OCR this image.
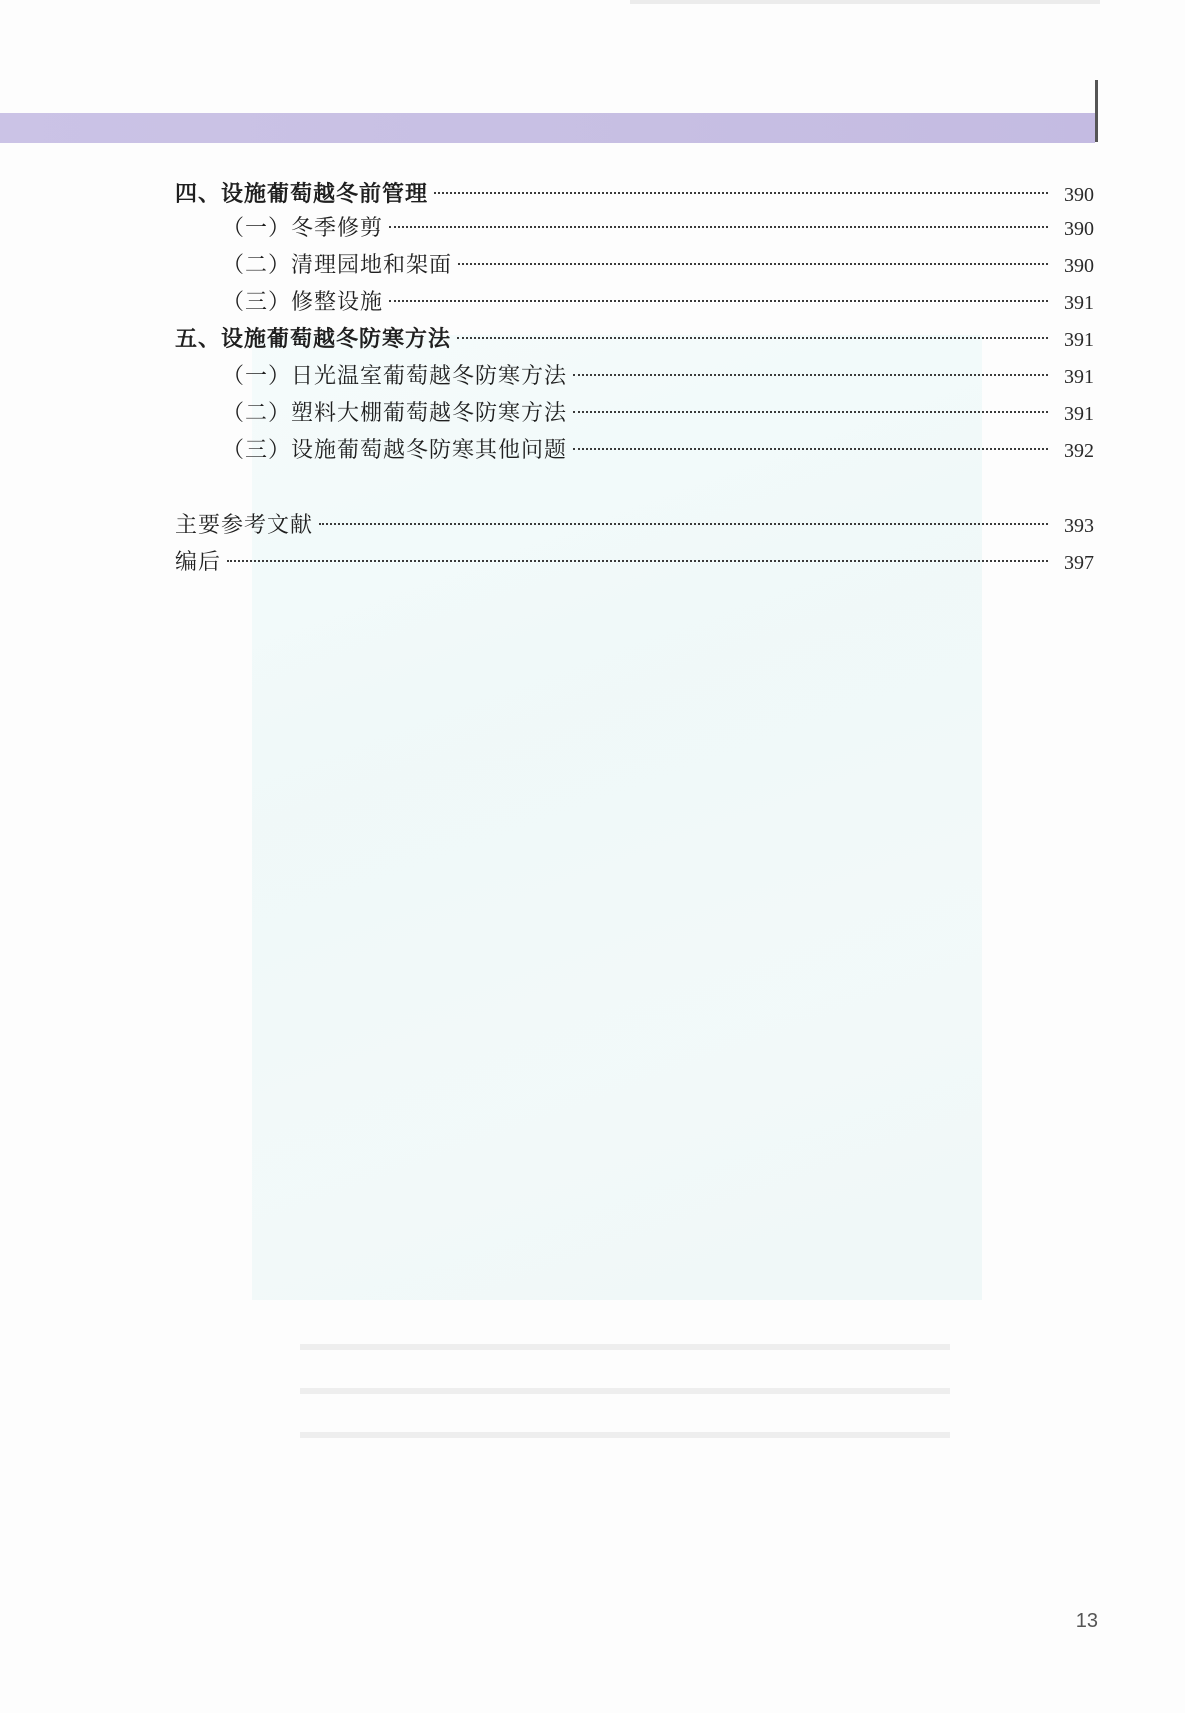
四、设施葡萄越冬前管理	390
（一）冬季修剪	390
（二）清理园地和架面	390
（三）修整设施	391
五、设施葡萄越冬防寒方法	391
（一）日光温室葡萄越冬防寒方法	391
（二）塑料大棚葡萄越冬防寒方法	391
（三）设施葡萄越冬防寒其他问题	392
主要参考文献	393
编后	397
13
